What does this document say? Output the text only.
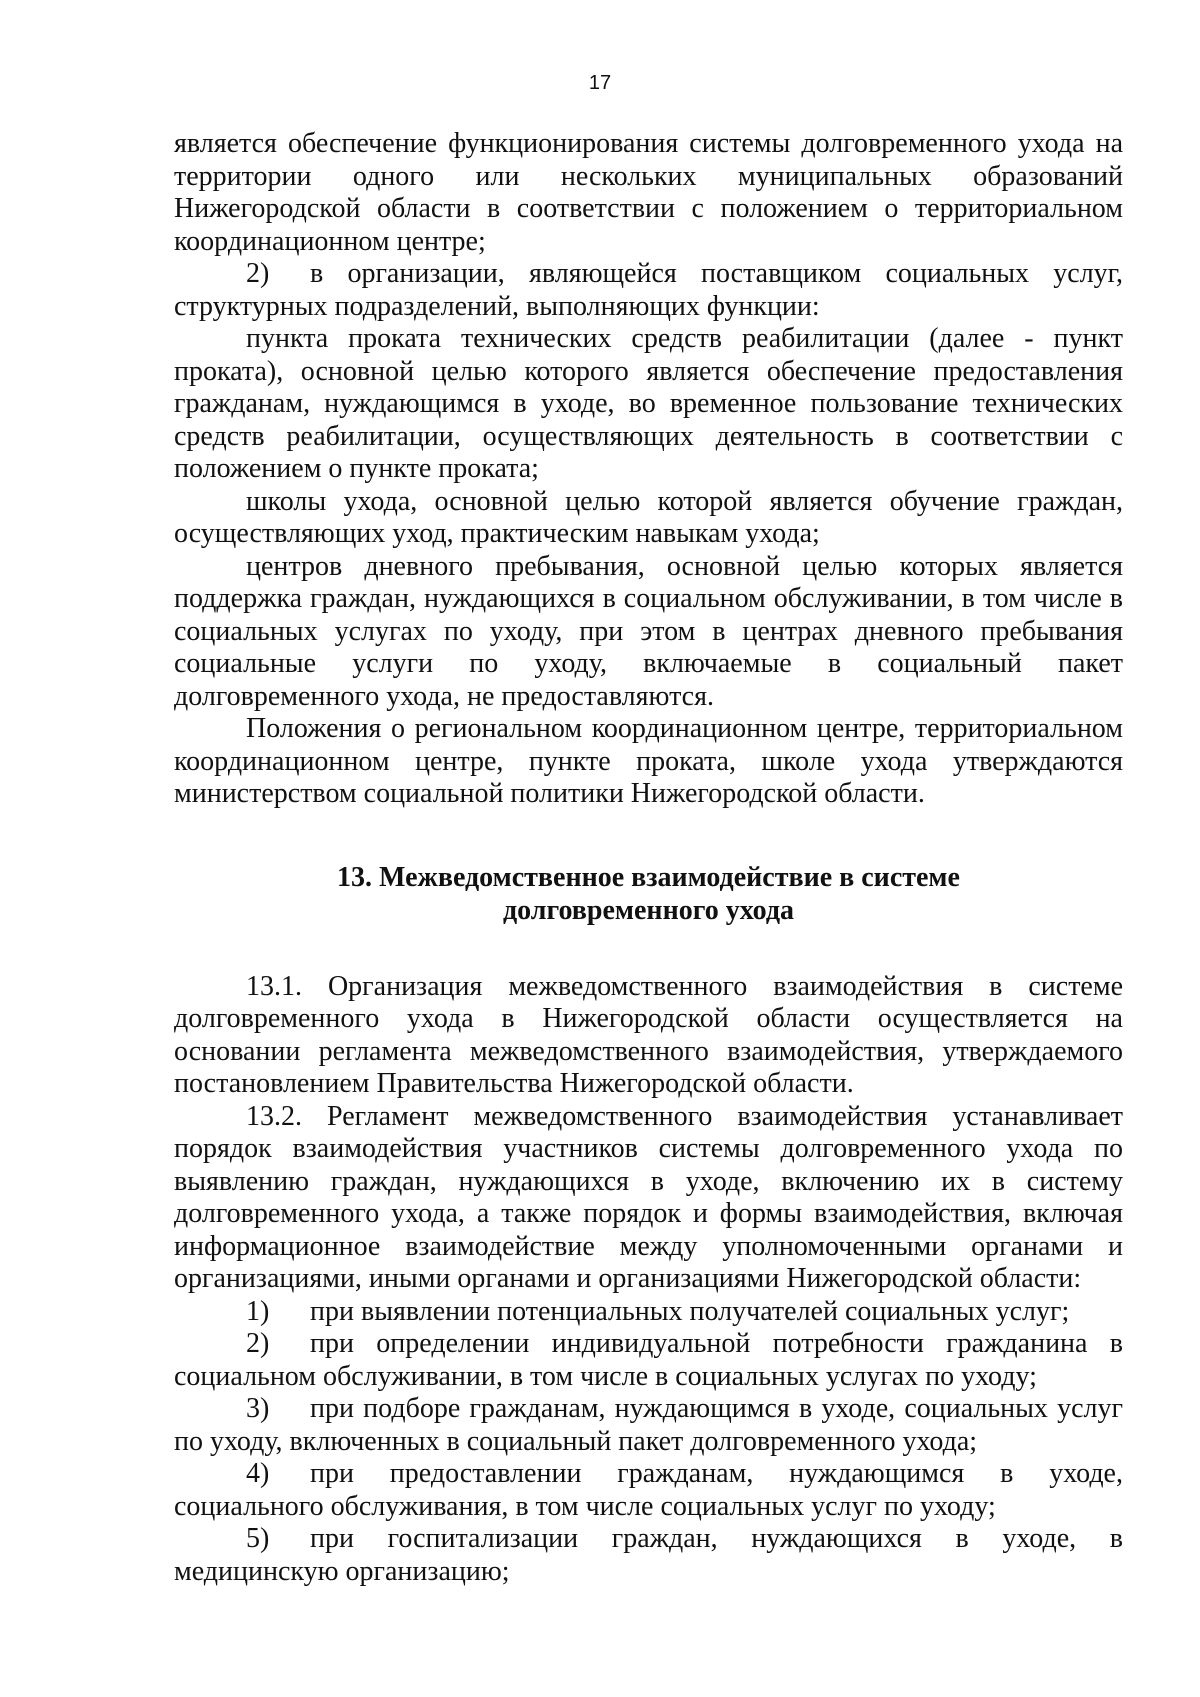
17

является обеспечение функционирования системы долговременного ухода на территории одного или нескольких муниципальных образований Нижегородской области в соответствии с положением о территориальном координационном центре;

2) в организации, являющейся поставщиком социальных услуг, структурных подразделений, выполняющих функции:

пункта проката технических средств реабилитации (далее - пункт проката), основной целью которого является обеспечение предоставления гражданам, нуждающимся в уходе, во временное пользование технических средств реабилитации, осуществляющих деятельность в соответствии с положением о пункте проката;

школы ухода, основной целью которой является обучение граждан, осуществляющих уход, практическим навыкам ухода;

центров дневного пребывания, основной целью которых является поддержка граждан, нуждающихся в социальном обслуживании, в том числе в социальных услугах по уходу, при этом в центрах дневного пребывания социальные услуги по уходу, включаемые в социальный пакет долговременного ухода, не предоставляются.

Положения о региональном координационном центре, территориальном координационном центре, пункте проката, школе ухода утверждаются министерством социальной политики Нижегородской области.

13. Межведомственное взаимодействие в системе
долговременного ухода

13.1. Организация межведомственного взаимодействия в системе долговременного ухода в Нижегородской области осуществляется на основании регламента межведомственного взаимодействия, утверждаемого постановлением Правительства Нижегородской области.

13.2. Регламент межведомственного взаимодействия устанавливает порядок взаимодействия участников системы долговременного ухода по выявлению граждан, нуждающихся в уходе, включению их в систему долговременного ухода, а также порядок и формы взаимодействия, включая информационное взаимодействие между уполномоченными органами и организациями, иными органами и организациями Нижегородской области:

1) при выявлении потенциальных получателей социальных услуг;

2) при определении индивидуальной потребности гражданина в социальном обслуживании, в том числе в социальных услугах по уходу;

3) при подборе гражданам, нуждающимся в уходе, социальных услуг по уходу, включенных в социальный пакет долговременного ухода;

4) при предоставлении гражданам, нуждающимся в уходе, социального обслуживания, в том числе социальных услуг по уходу;

5) при госпитализации граждан, нуждающихся в уходе, в медицинскую организацию;
